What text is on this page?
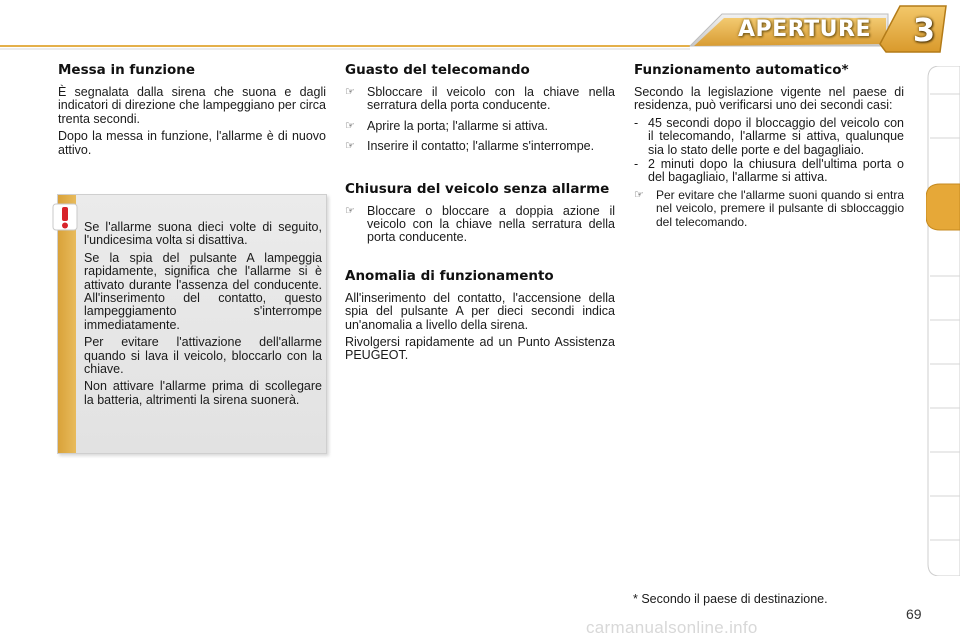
APERTURE 3
Messa in funzione

È segnalata dalla sirena che suona e dagli indicatori di direzione che lampeggiano per circa trenta secondi.

Dopo la messa in funzione, l'allarme è di nuovo attivo.

Se l'allarme suona dieci volte di seguito, l'undicesima volta si disattiva.

Se la spia del pulsante A lampeggia rapidamente, significa che l'allarme si è attivato durante l'assenza del conducente. All'inserimento del contatto, questo lampeggiamento s'interrompe immediatamente.

Per evitare l'attivazione dell'allarme quando si lava il veicolo, bloccarlo con la chiave.

Non attivare l'allarme prima di scollegare la batteria, altrimenti la sirena suonerà.

Guasto del telecomando
☞ Sbloccare il veicolo con la chiave nella serratura della porta conducente.
☞ Aprire la porta; l'allarme si attiva.
☞ Inserire il contatto; l'allarme s'interrompe.
Chiusura del veicolo senza allarme
☞ Bloccare o bloccare a doppia azione il veicolo con la chiave nella serratura della porta conducente.
Anomalia di funzionamento

All'inserimento del contatto, l'accensione della spia del pulsante A per dieci secondi indica un'anomalia a livello della sirena.

Rivolgersi rapidamente ad un Punto Assistenza PEUGEOT.

Funzionamento automatico*

Secondo la legislazione vigente nel paese di residenza, può verificarsi uno dei secondi casi:

- 45 secondi dopo il bloccaggio del veicolo con il telecomando, l'allarme si attiva, qualunque sia lo stato delle porte e del bagagliaio.
- 2 minuti dopo la chiusura dell'ultima porta o del bagagliaio, l'allarme si attiva.
☞	Per evitare che l'allarme suoni quando si entra nel veicolo, premere il pulsante di sbloccaggio del telecomando.
* Secondo il paese di destinazione.
carmanualsonline.info
69
